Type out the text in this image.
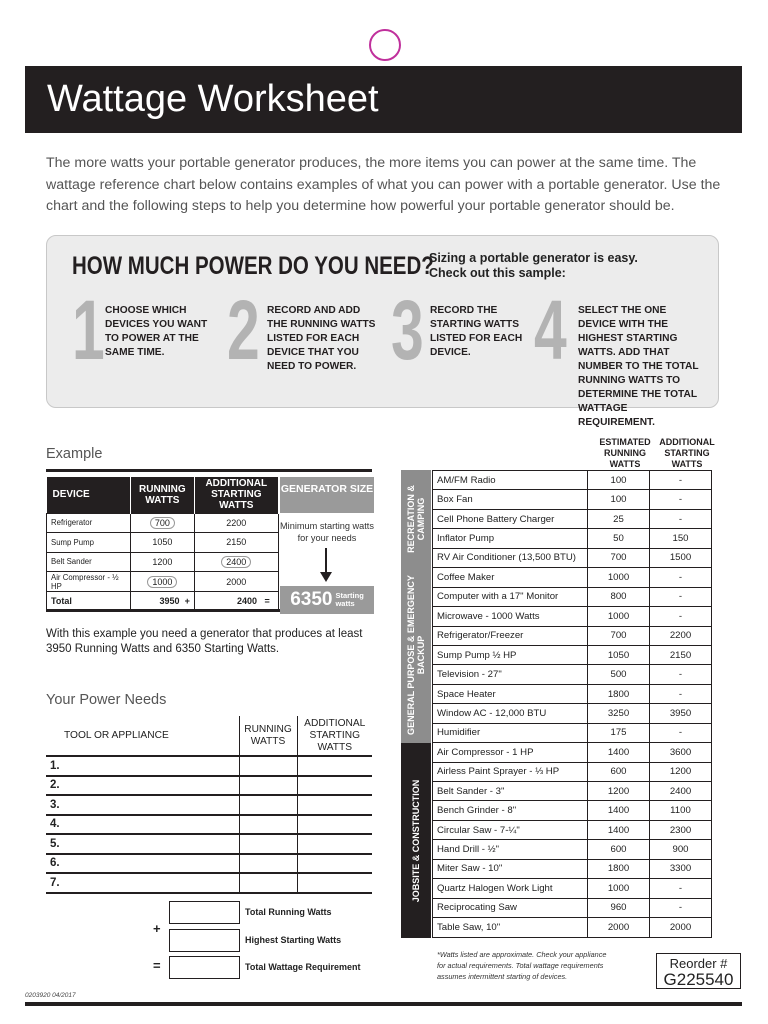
Wattage Worksheet

The more watts your portable generator produces, the more items you can power at the same time. The wattage reference chart below contains examples of what you can power with a portable generator. Use the chart and the following steps to help you determine how powerful your portable generator should be.

HOW MUCH POWER DO YOU NEED?
Sizing a portable generator is easy.
Check out this sample:
1 CHOOSE WHICH DEVICES YOU WANT TO POWER AT THE SAME TIME. 2 RECORD AND ADD THE RUNNING WATTS LISTED FOR EACH DEVICE THAT YOU NEED TO POWER. 3 RECORD THE STARTING WATTS LISTED FOR EACH DEVICE. 4 SELECT THE ONE DEVICE WITH THE HIGHEST STARTING WATTS. ADD THAT NUMBER TO THE TOTAL RUNNING WATTS TO DETERMINE THE TOTAL WATTAGE REQUIREMENT.
Example
DEVICE	RUNNING WATTS	ADDITIONAL STARTING WATTS	
Refrigerator	700	2200	
Sump Pump	1050	2150	
Belt Sander	1200	2400	
Air Compressor - ½ HP	1000	2000	
Total	3950 +	2400 =	
GENERATOR SIZE
Minimum starting watts for your needs
6350 Starting
watts

With this example you need a generator that produces at least 3950 Running Watts and 6350 Starting Watts.

Your Power Needs
TOOL OR APPLIANCE	RUNNING WATTS	ADDITIONAL STARTING WATTS
1.		
2.		
3.		
4.		
5.		
6.		
7.		
Total Running Watts
+
Highest Starting Watts
=	Total Wattage Requirement
ESTIMATED RUNNING WATTS
ADDITIONAL STARTING WATTS
RECREATION & CAMPING
GENERAL PURPOSE & EMERGENCY BACKUP
JOBSITE & CONSTRUCTION
AM/FM Radio	100	-
Box Fan	100	-
Cell Phone Battery Charger	25	-
Inflator Pump	50	150
RV Air Conditioner (13,500 BTU)	700	1500
Coffee Maker	1000	-
Computer with a 17" Monitor	800	-
Microwave - 1000 Watts	1000	-
Refrigerator/Freezer	700	2200
Sump Pump ½ HP	1050	2150
Television - 27"	500	-
Space Heater	1800	-
Window AC - 12,000 BTU	3250	3950
Humidifier	175	-
Air Compressor - 1 HP	1400	3600
Airless Paint Sprayer - ⅓ HP	600	1200
Belt Sander - 3"	1200	2400
Bench Grinder - 8"	1400	1100
Circular Saw - 7-¼"	1400	2300
Hand Drill - ½"	600	900
Miter Saw - 10"	1800	3300
Quartz Halogen Work Light	1000	-
Reciprocating Saw	960	-
Table Saw, 10"	2000	2000

*Watts listed are approximate. Check your appliance for actual requirements. Total wattage requirements assumes intermittent starting of devices.

Reorder #
G225540
0203920 04/2017
